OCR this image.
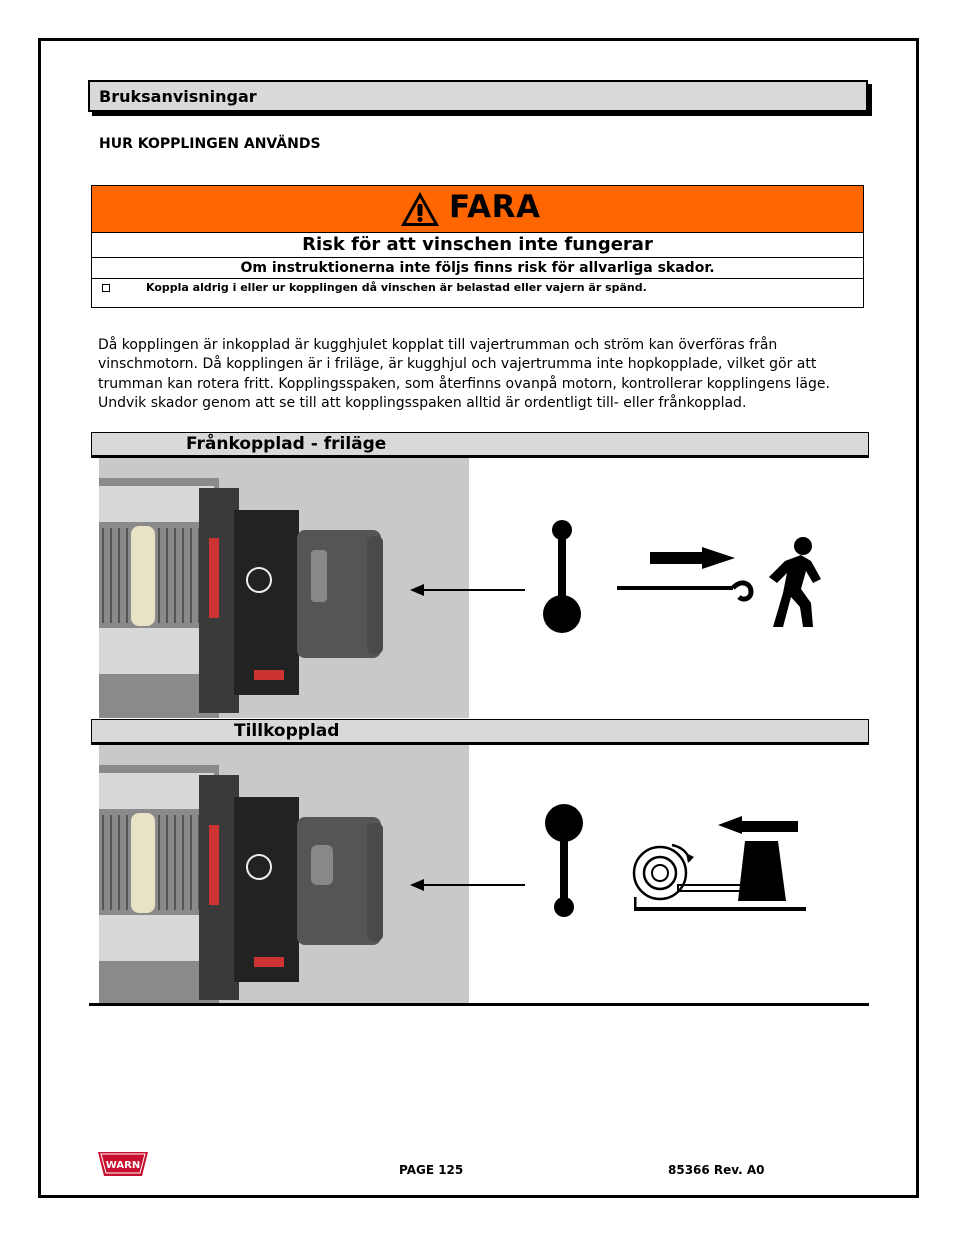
Bruksanvisningar
HUR KOPPLINGEN ANVÄNDS
FARA
Risk för att vinschen inte fungerar
Om instruktionerna inte följs finns risk för allvarliga skador.
Koppla aldrig i eller ur kopplingen då vinschen är belastad eller vajern är spänd.
Då kopplingen är inkopplad är kugghjulet kopplat till vajertrumman och ström kan överföras från
vinschmotorn. Då kopplingen är i friläge, är kugghjul och vajertrumma inte hopkopplade, vilket gör att
trumman kan rotera fritt. Kopplingsspaken, som återfinns ovanpå motorn, kontrollerar kopplingens läge.
Undvik skador genom att se till att kopplingsspaken alltid är ordentligt till- eller frånkopplad.
Frånkopplad - friläge
Tillkopplad
WARN	PAGE 125	85366 Rev. A0
